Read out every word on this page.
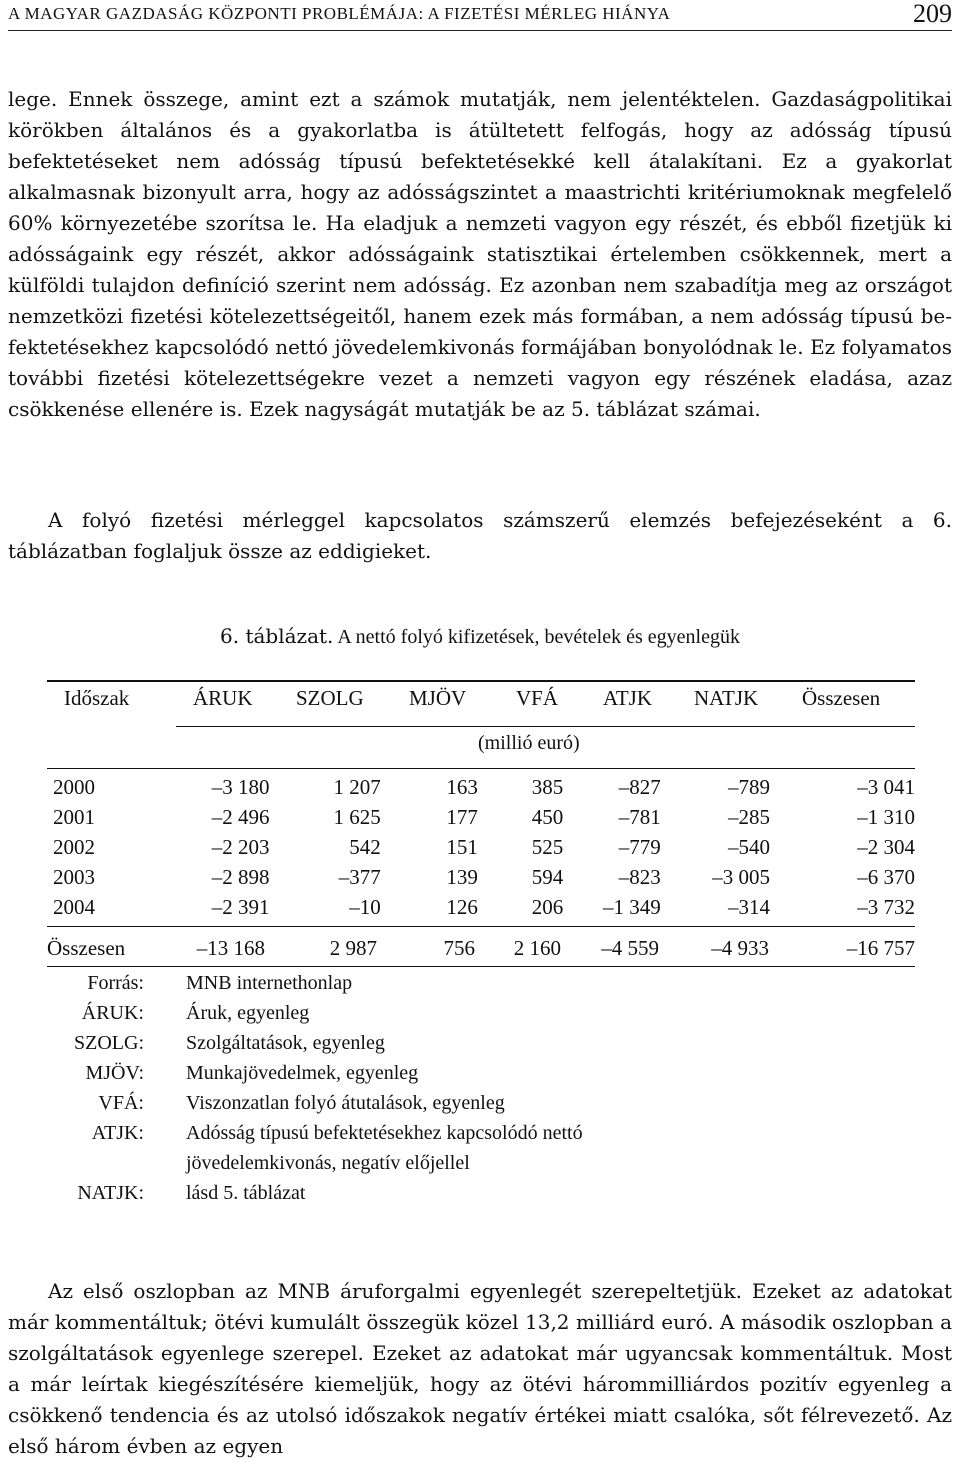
A MAGYAR GAZDASÁG KÖZPONTI PROBLÉMÁJA: A FIZETÉSI MÉRLEG HIÁNYA	209

lege. Ennek összege, amint ezt a számok mutatják, nem jelentéktelen. Gazdaságpolitikai körökben általános és a gyakorlatba is átültetett felfogás, hogy az adósság típusú befektetéseket nem adósság típusú befektetésekké kell átalakítani. Ez a gyakorlat alkalmasnak bizonyult arra, hogy az adósságszintet a maastrichti kritériumoknak megfelelő 60% környezetébe szorítsa le. Ha eladjuk a nemzeti vagyon egy részét, és ebből fizetjük ki adósságaink egy részét, akkor adósságaink statisztikai értelemben csökkennek, mert a külföldi tulajdon definíció szerint nem adósság. Ez azonban nem szabadítja meg az országot nemzetközi fizetési kötelezettségeitől, hanem ezek más formában, a nem adósság típusú befektetésekhez kapcsolódó nettó jövedelemkivonás formájában bonyolódnak le. Ez folyamatos további fizetési kötelezettségekre vezet a nemzeti vagyon egy részének eladása, azaz csökkenése ellenére is. Ezek nagyságát mutatják be az 5. táblázat számai.

A folyó fizetési mérleggel kapcsolatos számszerű elemzés befejezéseként a 6. táblázatban foglaljuk össze az eddigieket.

6. táblázat. A nettó folyó kifizetések, bevételek és egyenlegük
Időszak	ÁRUK SZOLG MJÖV VFÁ ATJK NATJK Összesen
(millió euró)
2000	–3 180	1 207	163	385	–827	–789	–3 041
2001	–2 496	1 625	177	450	–781	–285	–1 310
2002	–2 203	542	151	525	–779	–540	–2 304
2003	–2 898	–377	139	594	–823	–3 005	–6 370
2004	–2 391	–10	126	206	–1 349	–314	–3 732
Összesen	–13 168	2 987	756	2 160	–4 559	–4 933	–16 757
Forrás: MNB internethonlap
ÁRUK: Áruk, egyenleg
SZOLG: Szolgáltatások, egyenleg
MJÖV: Munkajövedelmek, egyenleg
VFÁ: Viszonzatlan folyó átutalások, egyenleg
ATJK: Adósság típusú befektetésekhez kapcsolódó nettó jövedelemkivonás, negatív előjellel
NATJK: lásd 5. táblázat

Az első oszlopban az MNB áruforgalmi egyenlegét szerepeltetjük. Ezeket az adatokat már kommentáltuk; ötévi kumulált összegük közel 13,2 milliárd euró. A második oszlopban a szolgáltatások egyenlege szerepel. Ezeket az adatokat már ugyancsak kommentáltuk. Most a már leírtak kiegészítésére kiemeljük, hogy az ötévi hárommilliárdos pozitív egyenleg a csökkenő tendencia és az utolsó időszakok negatív értékei miatt csalóka, sőt félrevezető. Az első három évben az egyen
